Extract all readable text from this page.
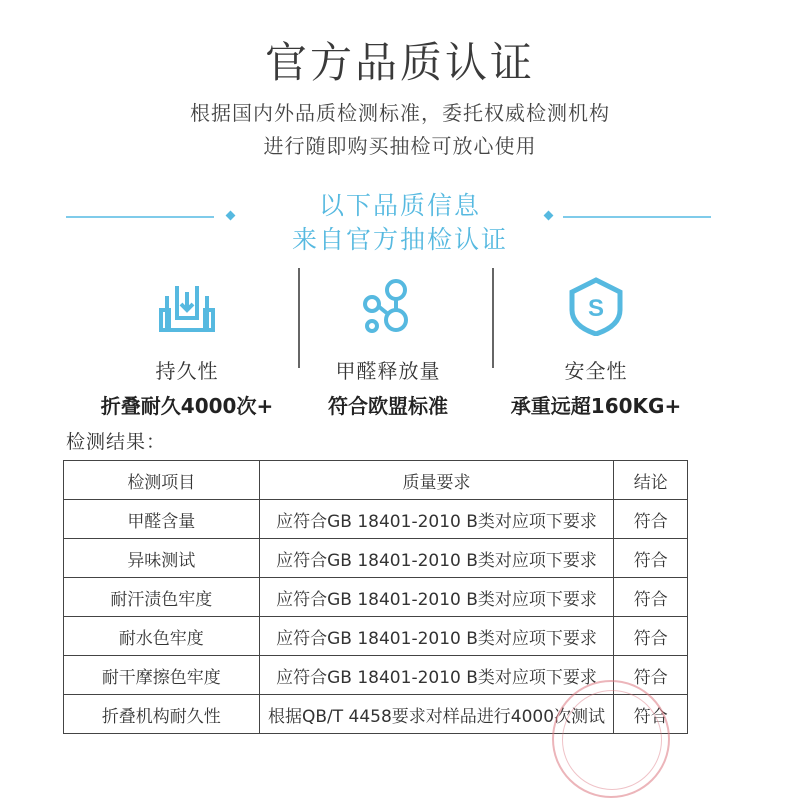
官方品质认证
根据国内外品质检测标准，委托权威检测机构
进行随即购买抽检可放心使用
以下品质信息
来自官方抽检认证
持久性
折叠耐久4000次+
甲醛释放量
符合欧盟标准
S
安全性
承重远超160KG+
检测结果：
检测项目	质量要求	结论
甲醛含量	应符合GB 18401-2010 B类对应项下要求	符合
异味测试	应符合GB 18401-2010 B类对应项下要求	符合
耐汗渍色牢度	应符合GB 18401-2010 B类对应项下要求	符合
耐水色牢度	应符合GB 18401-2010 B类对应项下要求	符合
耐干摩擦色牢度	应符合GB 18401-2010 B类对应项下要求	符合
折叠机构耐久性	根据QB/T 4458要求对样品进行4000次测试	符合
